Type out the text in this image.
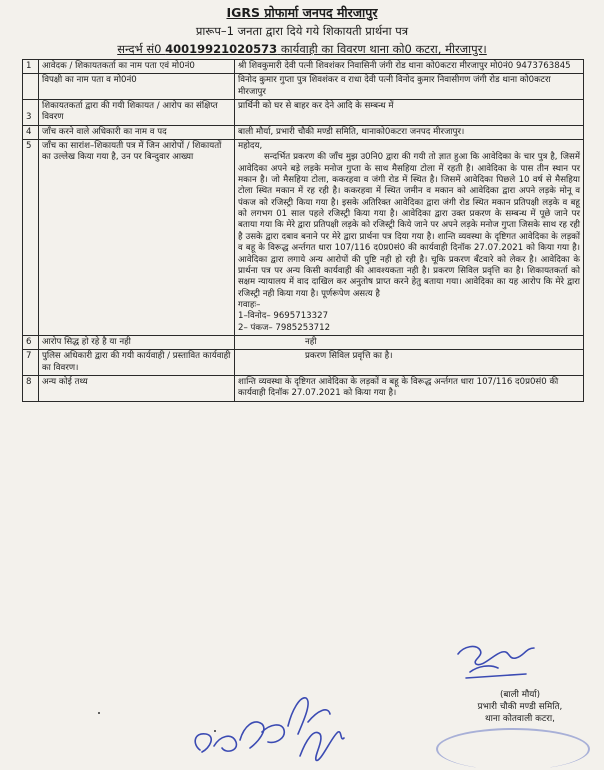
IGRS प्रोफार्मा जनपद मीरजापुर
प्रारूप–1 जनता द्वारा दिये गये शिकायती प्रार्थना पत्र
सन्दर्भ सं0 40019921020573 कार्यवाही का विवरण थाना को0 कटरा, मीरजापुर।
1	आवेदक / शिकायतकर्ता का नाम पता एवं मो0नं0	श्री शिवकुमारी देवी पत्नी शिवशंकर निवासिनी जंगी रोड थाना को0कटरा मीरजापुर मो0नं0 9473763845
	विपक्षी का नाम पता व मो0नं0	विनोद कुमार गुप्ता पुत्र शिवशंकर व राधा देवी पत्नी विनोद कुमार निवासीगण जंगी रोड थाना को0कटरा मीरजापुर
3	शिकायतकर्ता द्वारा की गयी शिकायत / आरोप का संक्षिप्त विवरण	प्रार्थिनी को घर से बाहर कर देने आदि के सम्बन्ध में
4	जाँच करने वाले अधिकारी का नाम व पद	बाली मौर्या, प्रभारी चौकी मण्डी समिति, थानाको0कटरा जनपद मीरजापुर।
5	जाँच का सारांश–शिकायती पत्र में जिन आरोपों / शिकायतों का उल्लेख किया गया है, उन पर बिन्दुवार आख्या	महोदय,
सन्दर्भित प्रकरण की जाँच मुझ उ0नि0 द्वारा की गयी तो ज्ञात हुआ कि आवेदिका के चार पुत्र है, जिसमें आवेदिका अपने बड़े लड़के मनोज गुप्ता के साथ मैसहिया टोला में रहती है। आवेदिका के पास तीन स्थान पर मकान है। जो मैसहिया टोला, ककरहवा व जंगी रोड में स्थित है। जिसमें आवेदिका पिछले 10 वर्ष से मैसहिया टोला स्थित मकान में रह रही है। ककरहवा में स्थित जमीन व मकान को आवेदिका द्वारा अपने लड़के मोनू व पंकज को रजिस्ट्री किया गया है। इसके अतिरिक्त आवेदिका द्वारा जंगी रोड स्थित मकान प्रतिपक्षी लड़के व बहू को लगभग 01 साल पहले रजिस्ट्री किया गया है। आवेदिका द्वारा उक्त प्रकरण के सम्बन्ध में पूछे जाने पर बताया गया कि मेरे द्वारा प्रतिपक्षी लड़के को रजिस्ट्री किये जाने पर अपने लड़के मनोज गुप्ता जिसके साथ रह रही है उसके द्वारा दबाव बनाने पर मेरे द्वारा प्रार्थना पत्र दिया गया है। शान्ति व्यवस्था के दृष्टिगत आवेदिका के लड़कों व बहू के विरूद्ध अर्न्तगत धारा 107/116 द0प्र0सं0 की कार्यवाही दिनॉक 27.07.2021 को किया गया है। आवेदिका द्वारा लगाये अन्य आरोपों की पुष्टि नही हो रही है। चूकि प्रकरण बँटवारे को लेकर है। आवेदिका के प्रार्थना पत्र पर अन्य किसी कार्यवाही की आवश्यकता नही है। प्रकरण सिविल प्रवृत्ति का है। शिकायतकर्ता को सक्षम न्यायालय में वाद दाखिल कर अनुतोष प्राप्त करने हेतु बताया गया। आवेदिका का यह आरोप कि मेरे द्वारा रजिस्ट्री नही किया गया है। पूर्णरूपेण असत्य है
गवाहः–
1–विनोद– 9695713327
2– पंकज– 7985253712

6	आरोप सिद्ध हो रहे है या नही	नही
7	पुलिस अधिकारी द्वारा की गयी कार्यवाही / प्रस्तावित कार्यवाही का विवरण।	प्रकरण सिविल प्रवृत्ति का है।
8	अन्य कोई तथ्य	शान्ति व्यवस्था के दृष्टिगत आवेदिका के लड़कों व बहू के विरूद्ध अर्न्तगत धारा 107/116 द0प्र0सं0 की कार्यवाही दिनॉक 27.07.2021 को किया गया है।
(बाली मौर्या)
प्रभारी चौकी मण्डी समिति,
थाना कोतवाली कटरा,
